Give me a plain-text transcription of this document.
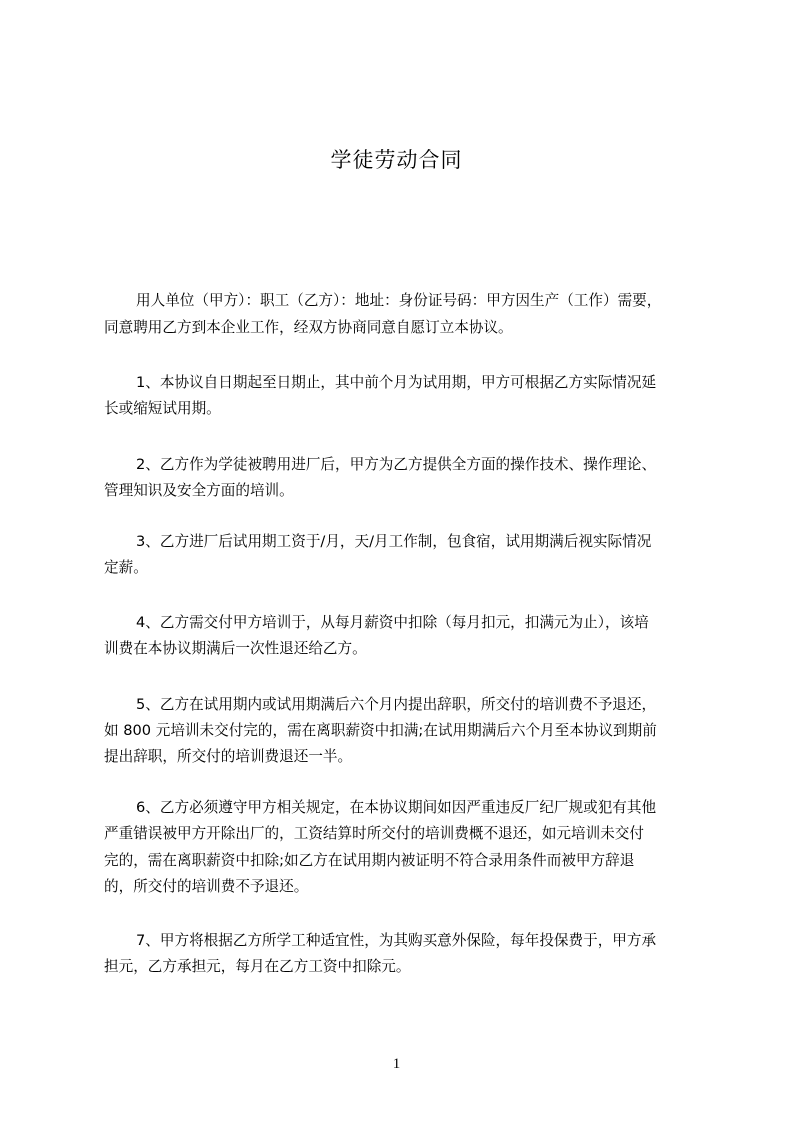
学徒劳动合同
用人单位（甲方）：职工（乙方）：地址：身份证号码：甲方因生产（工作）需要，
同意聘用乙方到本企业工作，经双方协商同意自愿订立本协议。
1、本协议自日期起至日期止，其中前个月为试用期，甲方可根据乙方实际情况延
长或缩短试用期。
2、乙方作为学徒被聘用进厂后，甲方为乙方提供全方面的操作技术、操作理论、
管理知识及安全方面的培训。
3、乙方进厂后试用期工资于/月，天/月工作制，包食宿，试用期满后视实际情况
定薪。
4、乙方需交付甲方培训于，从每月薪资中扣除（每月扣元，扣满元为止），该培
训费在本协议期满后一次性退还给乙方。
5、乙方在试用期内或试用期满后六个月内提出辞职，所交付的培训费不予退还，
如 800 元培训未交付完的，需在离职薪资中扣满;在试用期满后六个月至本协议到期前
提出辞职，所交付的培训费退还一半。
6、乙方必须遵守甲方相关规定，在本协议期间如因严重违反厂纪厂规或犯有其他
严重错误被甲方开除出厂的，工资结算时所交付的培训费概不退还，如元培训未交付
完的，需在离职薪资中扣除;如乙方在试用期内被证明不符合录用条件而被甲方辞退
的，所交付的培训费不予退还。
7、甲方将根据乙方所学工种适宜性，为其购买意外保险，每年投保费于，甲方承
担元，乙方承担元，每月在乙方工资中扣除元。
1
